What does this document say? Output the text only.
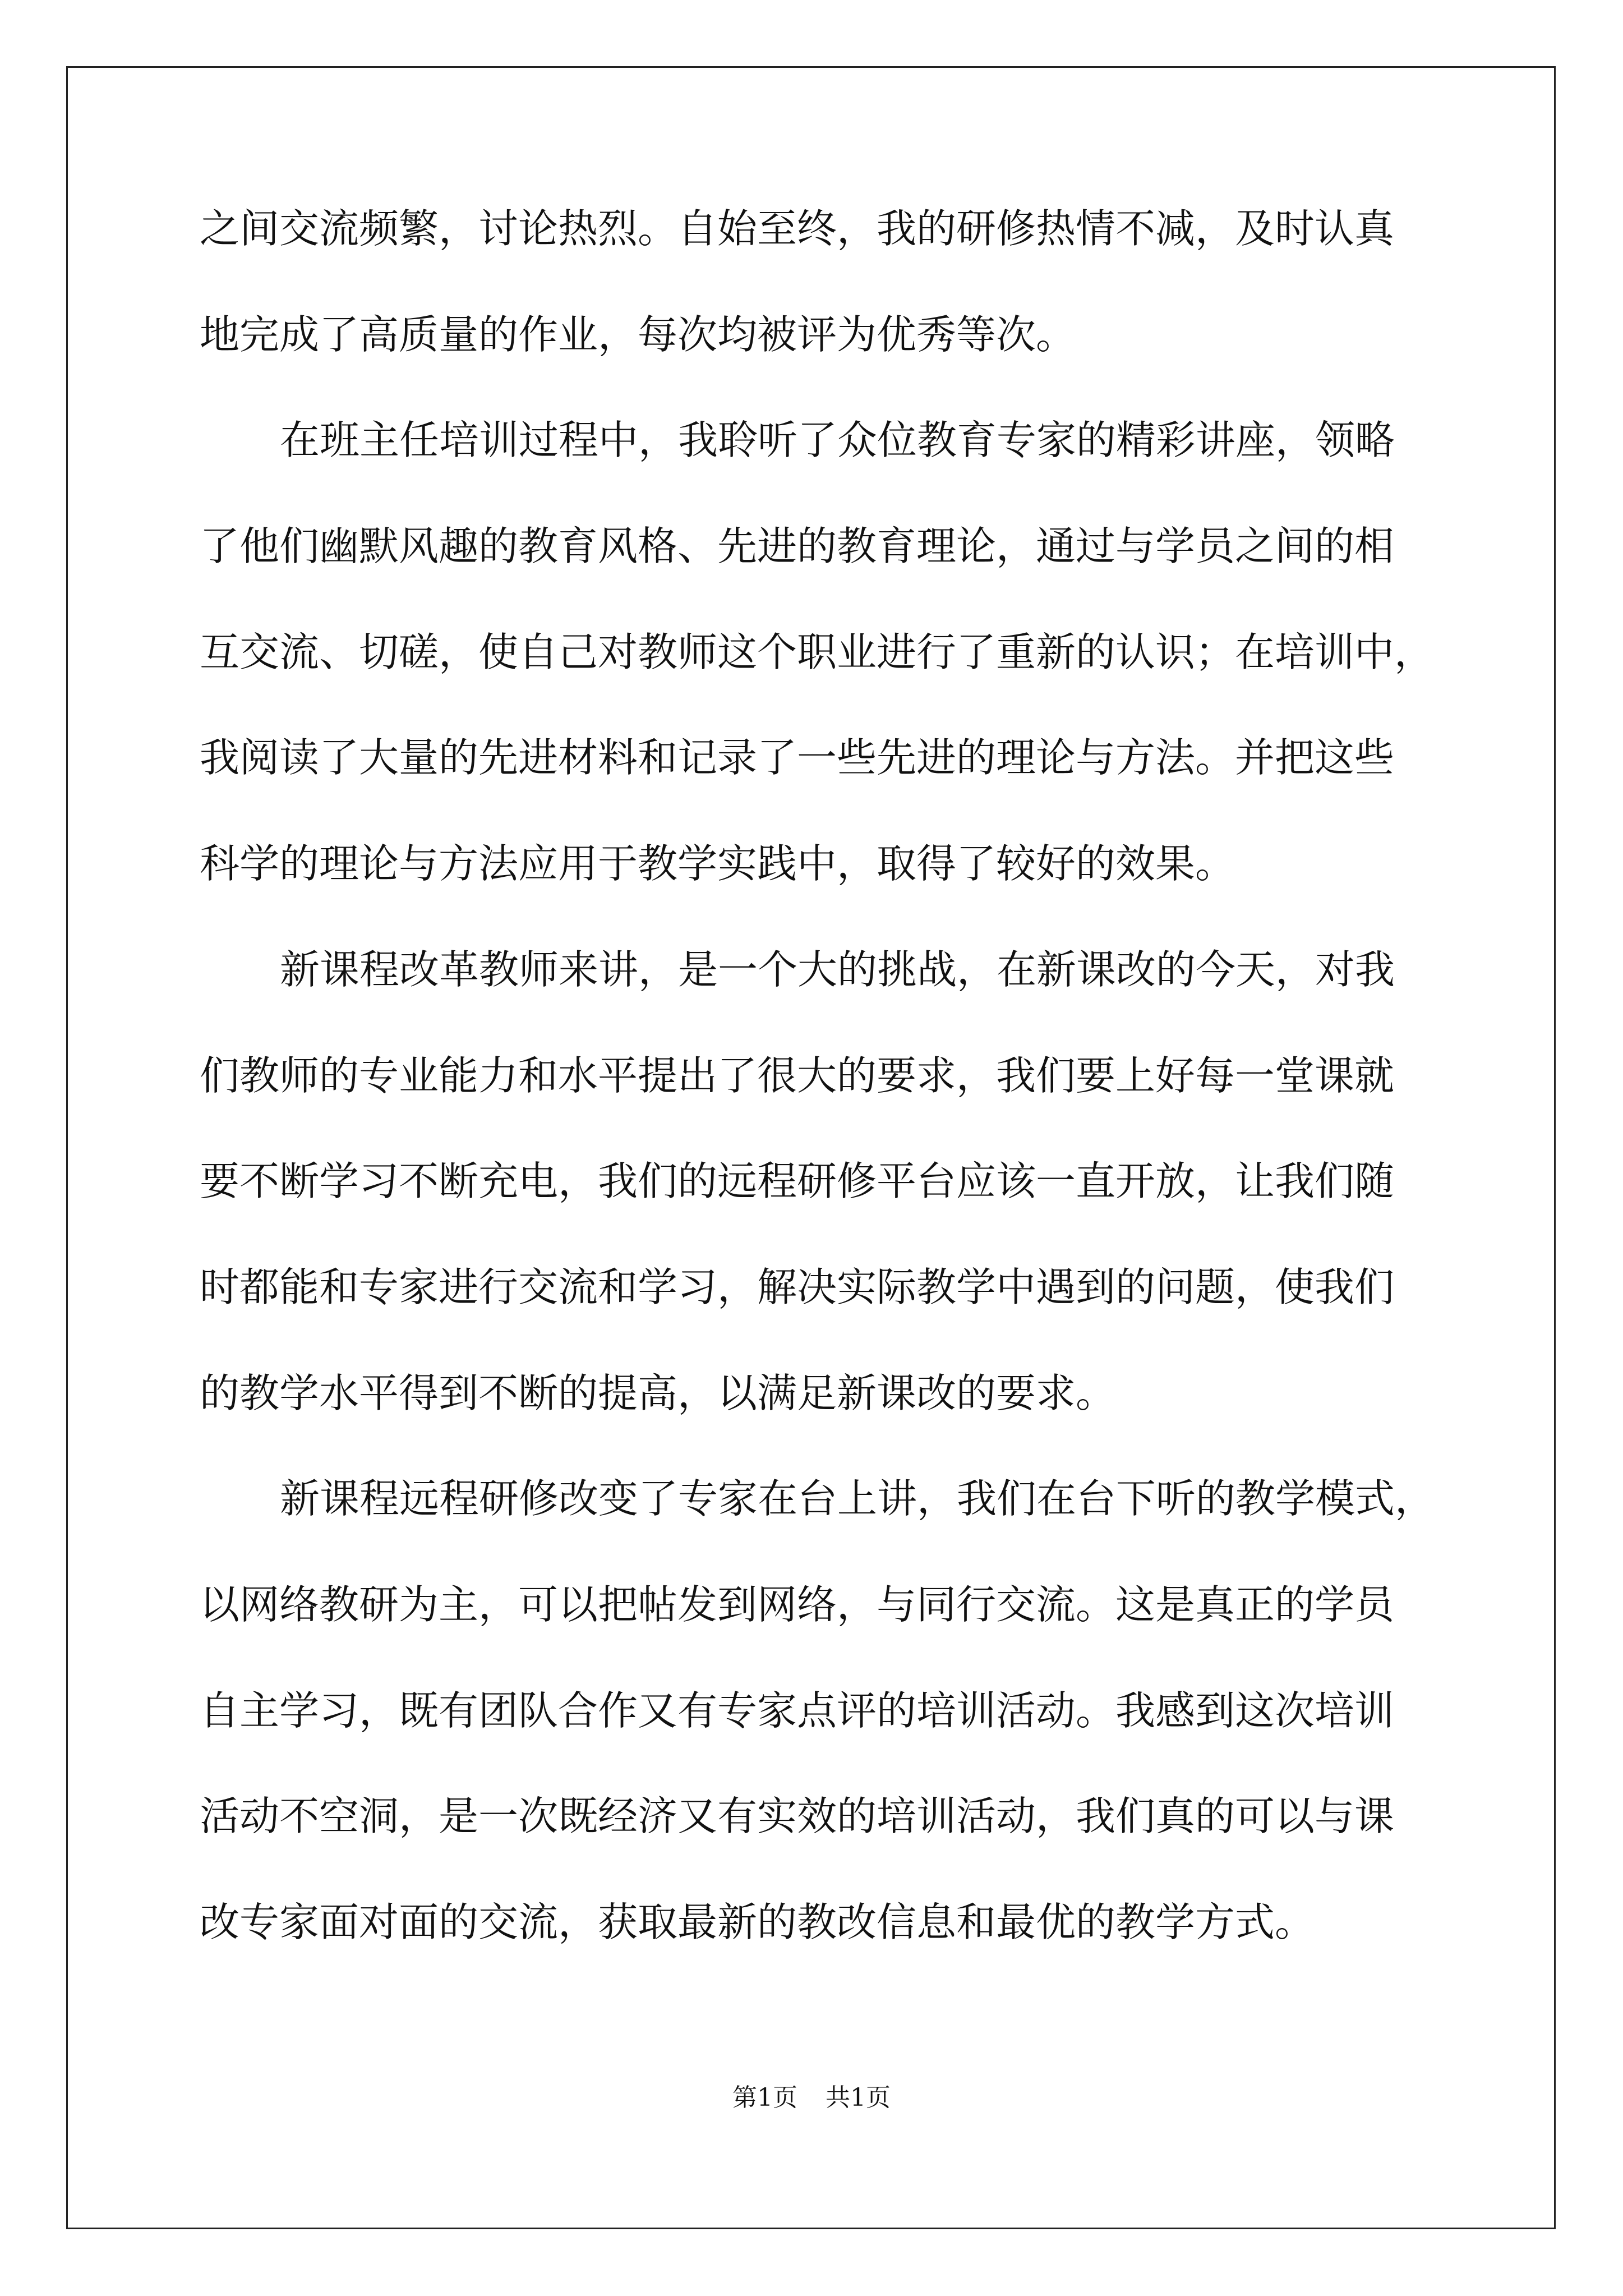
之间交流频繁，讨论热烈。自始至终，我的研修热情不减，及时认真
地完成了高质量的作业，每次均被评为优秀等次。
在班主任培训过程中，我聆听了众位教育专家的精彩讲座，领略
了他们幽默风趣的教育风格、先进的教育理论，通过与学员之间的相
互交流、切磋，使自己对教师这个职业进行了重新的认识；在培训中，
我阅读了大量的先进材料和记录了一些先进的理论与方法。并把这些
科学的理论与方法应用于教学实践中，取得了较好的效果。
新课程改革教师来讲，是一个大的挑战，在新课改的今天，对我
们教师的专业能力和水平提出了很大的要求，我们要上好每一堂课就
要不断学习不断充电，我们的远程研修平台应该一直开放，让我们随
时都能和专家进行交流和学习，解决实际教学中遇到的问题，使我们
的教学水平得到不断的提高，以满足新课改的要求。
新课程远程研修改变了专家在台上讲，我们在台下听的教学模式，
以网络教研为主，可以把帖发到网络，与同行交流。这是真正的学员
自主学习，既有团队合作又有专家点评的培训活动。我感到这次培训
活动不空洞，是一次既经济又有实效的培训活动，我们真的可以与课
改专家面对面的交流，获取最新的教改信息和最优的教学方式。
第1页 共1页
